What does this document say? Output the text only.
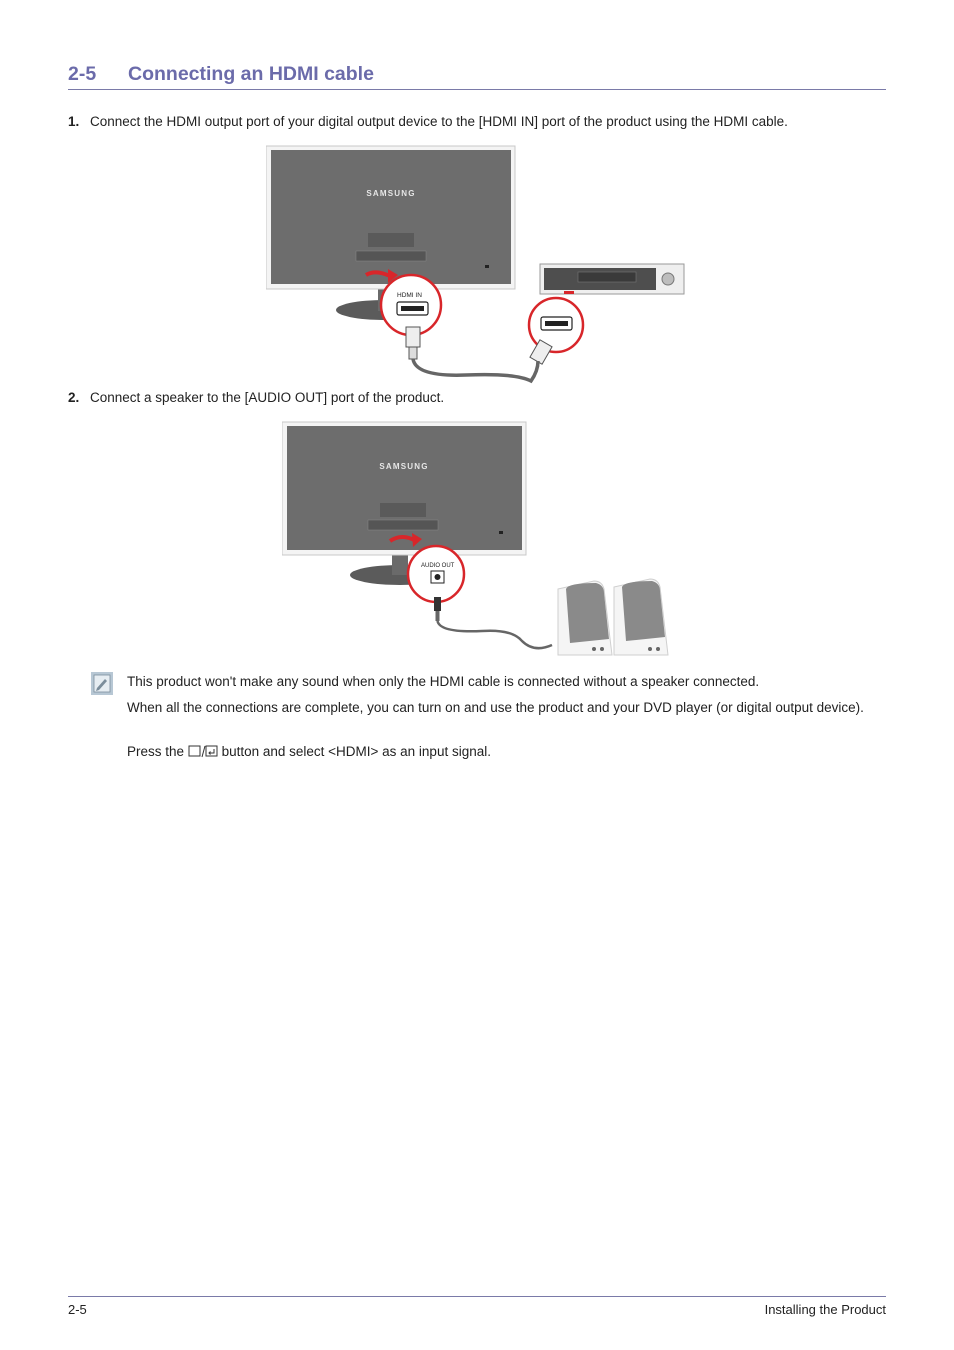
2-5 Connecting an HDMI cable
1. Connect the HDMI output port of your digital output device to the [HDMI IN] port of the product using the HDMI cable.
SAMSUNG
HDMI IN
2. Connect a speaker to the [AUDIO OUT] port of the product.
SAMSUNG
AUDIO OUT
This product won't make any sound when only the HDMI cable is connected without a speaker connected.
When all the connections are complete, you can turn on and use the product and your DVD player (or digital output device).
Press the	button and select <HDMI> as an input signal.
2-5	Installing the Product
